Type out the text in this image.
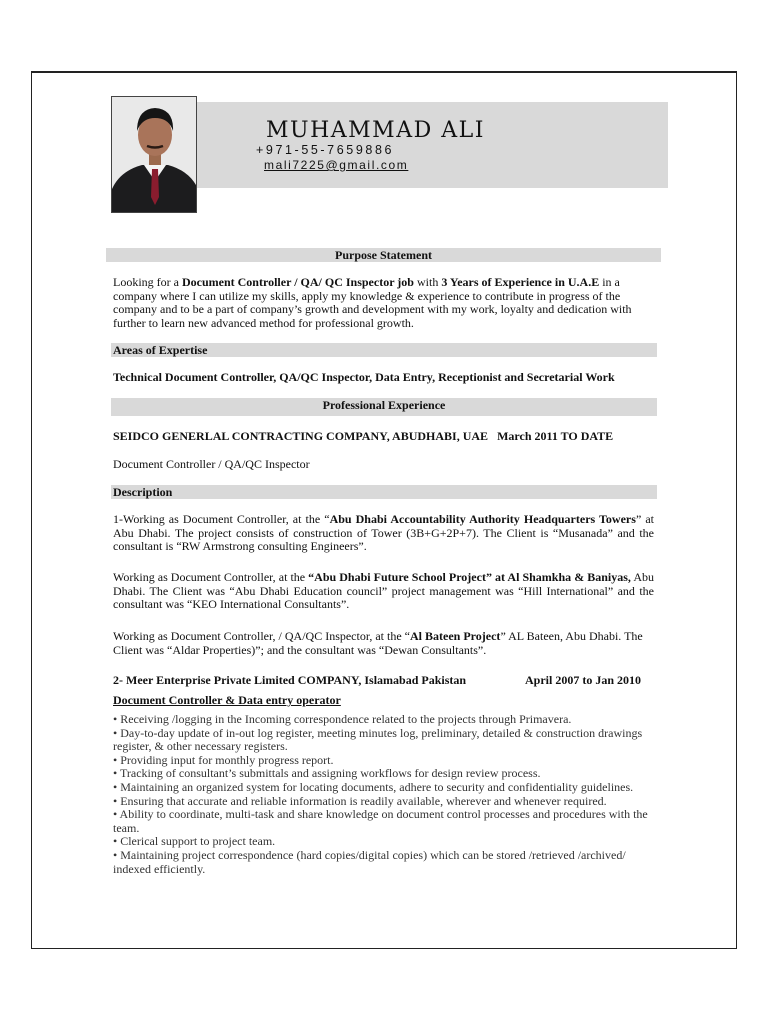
MUHAMMAD ALI
+971-55-7659886
mali7225@gmail.com
Purpose Statement
Looking for a Document Controller / QA/ QC Inspector job with 3 Years of Experience in U.A.E in a company where I can utilize my skills, apply my knowledge & experience to contribute in progress of the company and to be a part of company’s growth and development with my work, loyalty and dedication with further to learn new advanced method for professional growth.
Areas of Expertise
Technical Document Controller, QA/QC Inspector, Data Entry, Receptionist and Secretarial Work
Professional Experience
SEIDCO GENERLAL CONTRACTING COMPANY, ABUDHABI, UAE March 2011 TO DATE
Document Controller / QA/QC Inspector
Description
1-Working as Document Controller, at the “Abu Dhabi Accountability Authority Headquarters Towers” at Abu Dhabi. The project consists of construction of Tower (3B+G+2P+7). The Client is “Musanada” and the consultant is “RW Armstrong consulting Engineers”.
Working as Document Controller, at the “Abu Dhabi Future School Project” at Al Shamkha & Baniyas, Abu Dhabi. The Client was “Abu Dhabi Education council” project management was “Hill International” and the consultant was “KEO International Consultants”.
Working as Document Controller, / QA/QC Inspector, at the “Al Bateen Project” AL Bateen, Abu Dhabi. The Client was “Aldar Properties)”; and the consultant was “Dewan Consultants”.
2- Meer Enterprise Private Limited COMPANY, Islamabad Pakistan	April 2007 to Jan 2010
Document Controller & Data entry operator
• Receiving /logging in the Incoming correspondence related to the projects through Primavera.
• Day-to-day update of in-out log register, meeting minutes log, preliminary, detailed & construction drawings register, & other necessary registers.
• Providing input for monthly progress report.
• Tracking of consultant’s submittals and assigning workflows for design review process.
• Maintaining an organized system for locating documents, adhere to security and confidentiality guidelines.
• Ensuring that accurate and reliable information is readily available, wherever and whenever required.
• Ability to coordinate, multi-task and share knowledge on document control processes and procedures with the team.
• Clerical support to project team.
• Maintaining project correspondence (hard copies/digital copies) which can be stored /retrieved /archived/ indexed efficiently.
